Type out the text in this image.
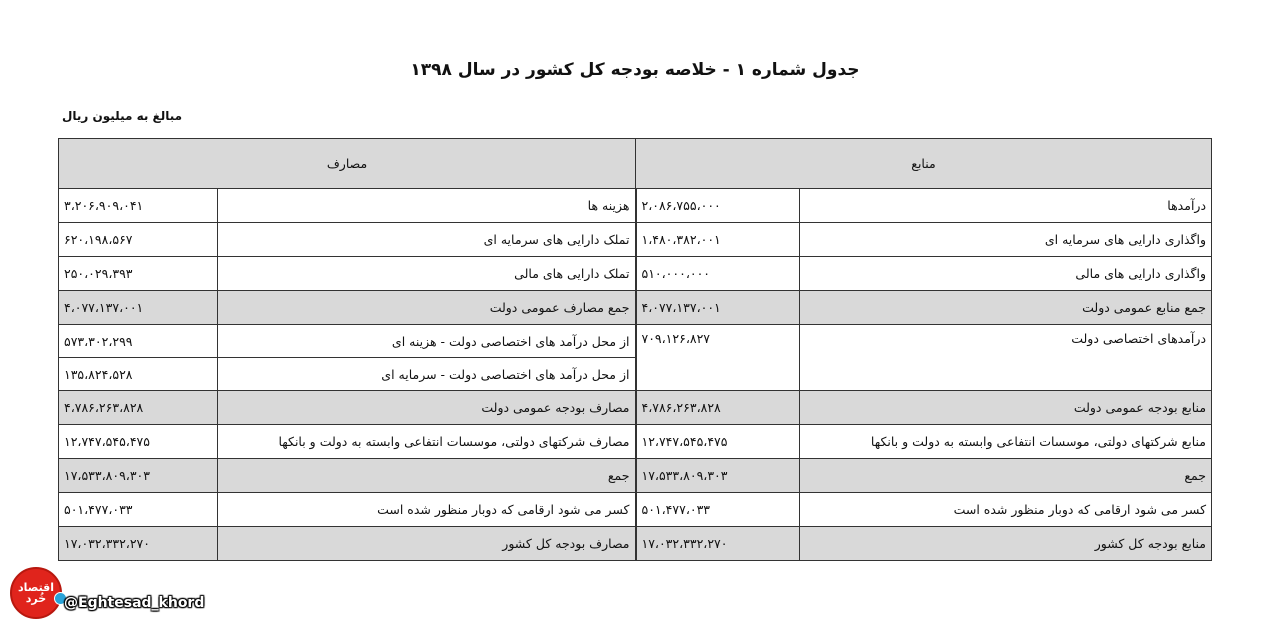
جدول شماره ۱ - خلاصه بودجه کل کشور در سال ۱۳۹۸
مبالغ به میلیون ریال
منابع		مصارف	
درآمدها	۲،۰۸۶،۷۵۵،۰۰۰	هزینه ها	۳،۲۰۶،۹۰۹،۰۴۱
واگذاری دارایی های سرمایه ای	۱،۴۸۰،۳۸۲،۰۰۱	تملک دارایی های سرمایه ای	۶۲۰،۱۹۸،۵۶۷
واگذاری دارایی های مالی	۵۱۰،۰۰۰،۰۰۰	تملک دارایی های مالی	۲۵۰،۰۲۹،۳۹۳
جمع منابع عمومی دولت	۴،۰۷۷،۱۳۷،۰۰۱	جمع مصارف عمومی دولت	۴،۰۷۷،۱۳۷،۰۰۱
درآمدهای اختصاصی دولت	۷۰۹،۱۲۶،۸۲۷	از محل درآمد های اختصاصی دولت - هزینه ای	۵۷۳،۳۰۲،۲۹۹
		از محل درآمد های اختصاصی دولت - سرمایه ای	۱۳۵،۸۲۴،۵۲۸
منابع بودجه عمومی دولت	۴،۷۸۶،۲۶۳،۸۲۸	مصارف بودجه عمومی دولت	۴،۷۸۶،۲۶۳،۸۲۸
منابع شرکتهای دولتی، موسسات انتفاعی وابسته به دولت و بانکها	۱۲،۷۴۷،۵۴۵،۴۷۵	مصارف شرکتهای دولتی، موسسات انتفاعی وابسته به دولت و بانکها	۱۲،۷۴۷،۵۴۵،۴۷۵
جمع	۱۷،۵۳۳،۸۰۹،۳۰۳	جمع	۱۷،۵۳۳،۸۰۹،۳۰۳
کسر می شود ارقامی که دوبار منظور شده است	۵۰۱،۴۷۷،۰۳۳	کسر می شود ارقامی که دوبار منظور شده است	۵۰۱،۴۷۷،۰۳۳
منابع بودجه کل کشور	۱۷،۰۳۲،۳۳۲،۲۷۰	مصارف بودجه کل کشور	۱۷،۰۳۲،۳۳۲،۲۷۰
اقتصاد
خُرد @Eghtesad_khord
